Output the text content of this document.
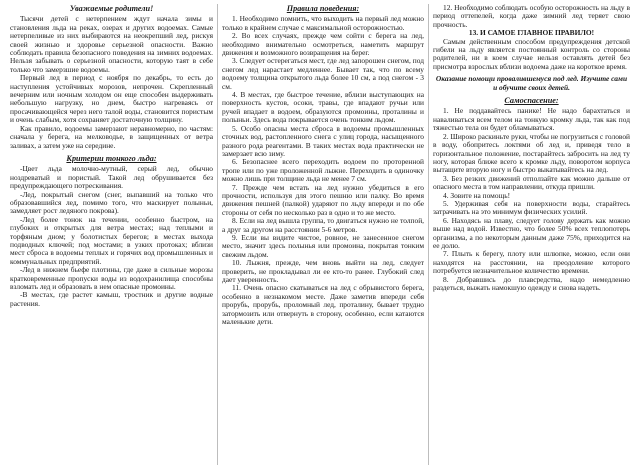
Уважаемые родители!

Тысячи детей с нетерпением ждут начала зимы и становления льда на реках, озерах и других водоемах. Самые нетерпеливые из них выбираются на неокрепший лед, рискуя своей жизнью и здоровье серьезной опасности. Важно соблюдать правила безопасного поведения на зимних водоемах. Нельзя забывать о серьезной опасности, которую таят в себе только что замерзшие водоемы.

Первый лед в период с ноября по декабрь, то есть до наступления устойчивых морозов, непрочен. Скрепленный вечерним или ночным холодом он еще способен выдерживать небольшую нагрузку, но днем, быстро нагреваясь от просачивающейся через него талой воды, становится пористым и очень слабым, хотя сохраняет достаточную толщину.

Как правило, водоемы замерзают неравномерно, по частям: сначала у берега, на мелководье, в защищенных от ветра заливах, а затем уже на середине.

Критерии тонкого льда:

-Цвет льда молочно-мутный, серый лед, обычно ноздреватый и пористый. Такой лед обрушивается без предупреждающего потрескивания.

-Лед, покрытый снегом (снег, выпавший на только что образовавшийся лед, помимо того, что маскирует полыньи, замедляет рост ледяного покрова).

-Лед более тонок на течении, особенно быстром, на глубоких и открытых для ветра местах; над теплыми и торфяным дном; у болотистых берегов; в местах выхода подводных ключей; под мостами; в узких протоках; вблизи мест сброса в водоемы теплых и горячих вод промышленных и коммунальных предприятий.

-Лед в нижнем бьефе плотины, где даже в сильные морозы кратковременные пропуски воды из водохранилища способны взломать лед и образовать в нем опасные промоины.

-В местах, где растет камыш, тростник и другие водные растения.

Правила поведения:

1. Необходимо помнить, что выходить на первый лед можно только в крайнем случае с максимальной осторожностью.

2. Во всех случаях, прежде чем сойти с берега на лед, необходимо внимательно осмотреться, наметить маршрут движения и возможного возвращения на берег.

3. Следует остерегаться мест, где лед запорошен снегом, под снегом лед нарастает медленнее. Бывает так, что по всему водоему толщина открытого льда более 10 см, а под снегом - 3 см.

4. В местах, где быстрое течение, вблизи выступающих на поверхность кустов, осоки, травы, где впадают ручьи или ручей впадает в водоем, образуются промоины, проталины и полыньи. Здесь вода покрывается очень тонким льдом.

5. Особо опасны места сброса в водоемы промышленных сточных вод, растопленного снега с улиц города, насыщенного разного рода реагентами. В таких местах вода практически не замерзает всю зиму.

6. Безопаснее всего переходить водоем по проторенной тропе или по уже проложенной лыжне. Переходить в одиночку можно лишь при толщине льда не менее 7 см.

7. Прежде чем встать на лед нужно убедиться в его прочности, используя для этого пешню или палку. Во время движения пешней (палкой) ударяют по льду впереди и по обе стороны от себя по несколько раз в одно и то же место.

8. Если на лед вышла группа, то двигаться нужно не толпой, а друг за другом на расстоянии 5-6 метров.

9. Если вы видите чистое, ровное, не занесенное снегом место, значит здесь полынья или промоина, покрытая тонким свежим льдом.

10. Лыжня, прежде, чем вновь выйти на лед, следует проверить, не прокладывал ли ее кто-то ранее. Глубокий след дает уверенность.

11. Очень опасно скатываться на лед с обрывистого берега, особенно в незнакомом месте. Даже заметив впереди себя прорубь, прорубь, проломный лед, проталину, бывает трудно затормозить или отвернуть в сторону, особенно, если катаются маленькие дети.

12. Необходимо соблюдать особую осторожность на льду в период оттепелей, когда даже зимний лед теряет свою прочность.

13. И САМОЕ ГЛАВНОЕ ПРАВИЛО!

Самым действенным способом предупреждения детской гибели на льду является постоянный контроль со стороны родителей, ни в коем случае нельзя оставлять детей без присмотра взрослых вблизи водоема даже на короткое время.

Оказание помощи провалившемуся под лед. Изучите сами и обучите своих детей.

Самоспасение:

1. Не поддавайтесь панике! Не надо барахтаться и наваливаться всем телом на тонкую кромку льда, так как под тяжестью тела он будет обламываться.

2. Широко раскиньте руки, чтобы не погрузиться с головой в воду, обопритесь локтями об лед и, приведя тело в горизонтальное положение, постарайтесь забросить на лед ту ногу, которая ближе всего к кромке льду, поворотом корпуса вытащите вторую ногу и быстро выкатывайтесь на лед.

3. Без резких движений отползайте как можно дальше от опасного места в том направлении, откуда пришли.

4. Зовите на помощь!

5. Удерживая себя на поверхности воды, старайтесь затрачивать на это минимум физических усилий.

6. Находясь на плаву, следует голову держать как можно выше над водой. Известно, что более 50% всех теплопотерь организма, а по некоторым данным даже 75%, приходится на ее долю.

7. Плыть к берегу, плоту или шлюпке, можно, если они находятся на расстоянии, на преодоление которого потребуется незначительное количество времени.

8. Добравшись до плавсредства, надо немедленно раздеться, выжать намокшую одежду и снова надеть.
